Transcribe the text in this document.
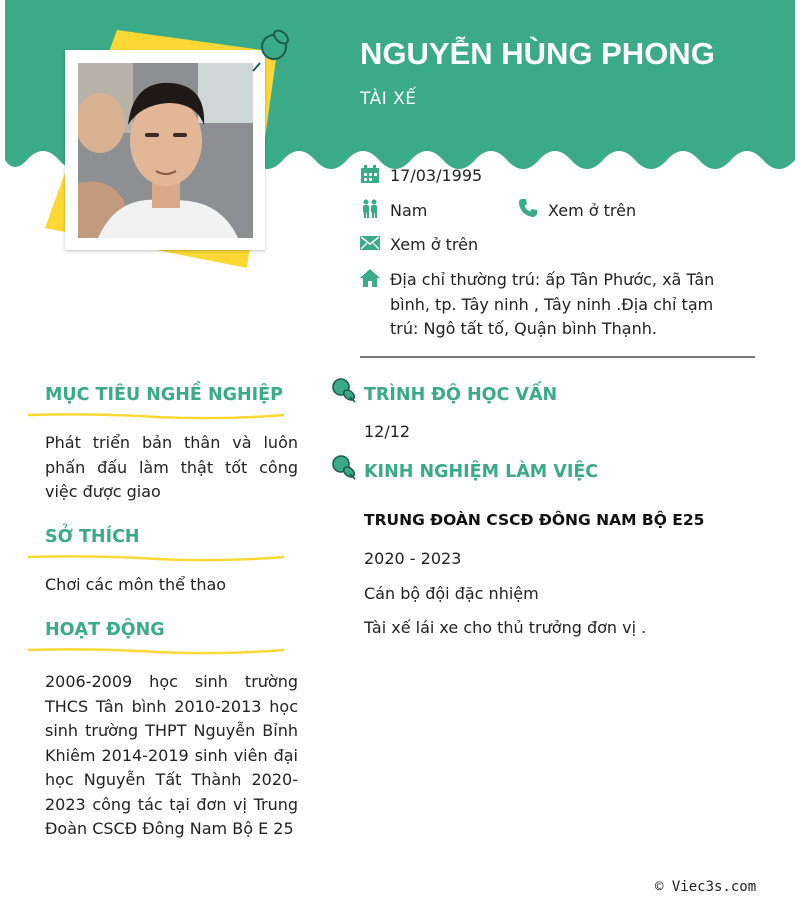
NGUYỄN HÙNG PHONG
TÀI XẾ
17/03/1995
Nam	Xem ở trên
Xem ở trên
Địa chỉ thường trú: ấp Tân Phước, xã Tân bình, tp. Tây ninh , Tây ninh .Địa chỉ tạm trú: Ngô tất tố, Quận bình Thạnh.
MỤC TIÊU NGHỀ NGHIỆP
Phát triển bản thân và luôn phấn đấu làm thật tốt công việc được giao
SỞ THÍCH
Chơi các môn thể thao
HOẠT ĐỘNG
2006-2009 học sinh trường THCS Tân bình 2010-2013 học sinh trường THPT Nguyễn Bỉnh Khiêm 2014-2019 sinh viên đại học Nguyễn Tất Thành 2020-2023 công tác tại đơn vị Trung Đoàn CSCĐ Đông Nam Bộ E 25
TRÌNH ĐỘ HỌC VẤN
12/12
KINH NGHIỆM LÀM VIỆC
TRUNG ĐOÀN CSCĐ ĐÔNG NAM BỘ E25
2020 - 2023
Cán bộ đội đặc nhiệm
Tài xế lái xe cho thủ trưởng đơn vị .
© Viec3s.com
